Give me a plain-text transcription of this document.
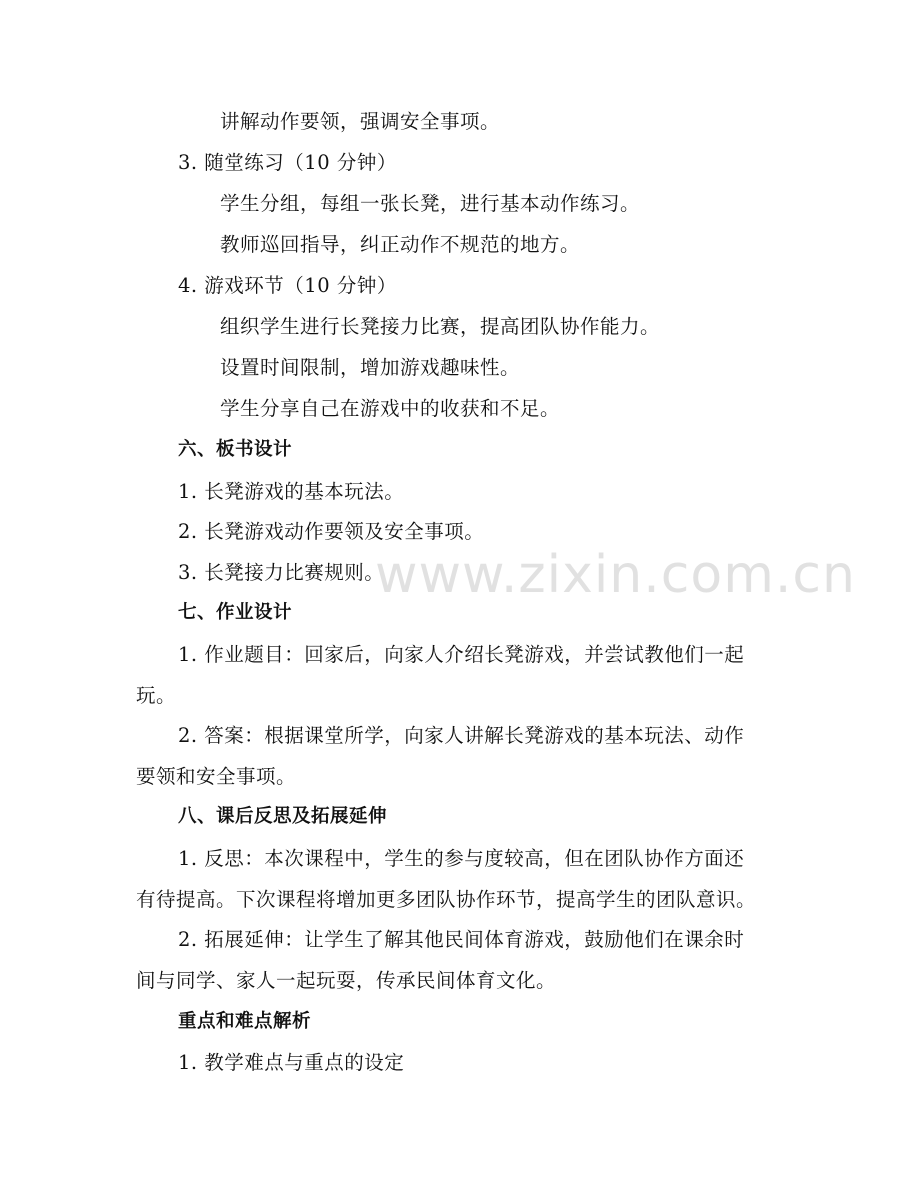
讲解动作要领，强调安全事项。
3. 随堂练习（10 分钟）
学生分组，每组一张长凳，进行基本动作练习。
教师巡回指导，纠正动作不规范的地方。
4. 游戏环节（10 分钟）
组织学生进行长凳接力比赛，提高团队协作能力。
设置时间限制，增加游戏趣味性。
学生分享自己在游戏中的收获和不足。
六、板书设计
1. 长凳游戏的基本玩法。
2. 长凳游戏动作要领及安全事项。
3. 长凳接力比赛规则。
七、作业设计
1. 作业题目：回家后，向家人介绍长凳游戏，并尝试教他们一起
玩。
2. 答案：根据课堂所学，向家人讲解长凳游戏的基本玩法、动作
要领和安全事项。
八、课后反思及拓展延伸
1. 反思：本次课程中，学生的参与度较高，但在团队协作方面还
有待提高。下次课程将增加更多团队协作环节，提高学生的团队意识。
2. 拓展延伸：让学生了解其他民间体育游戏，鼓励他们在课余时
间与同学、家人一起玩耍，传承民间体育文化。
重点和难点解析
1. 教学难点与重点的设定
www.zixin.com.cn
